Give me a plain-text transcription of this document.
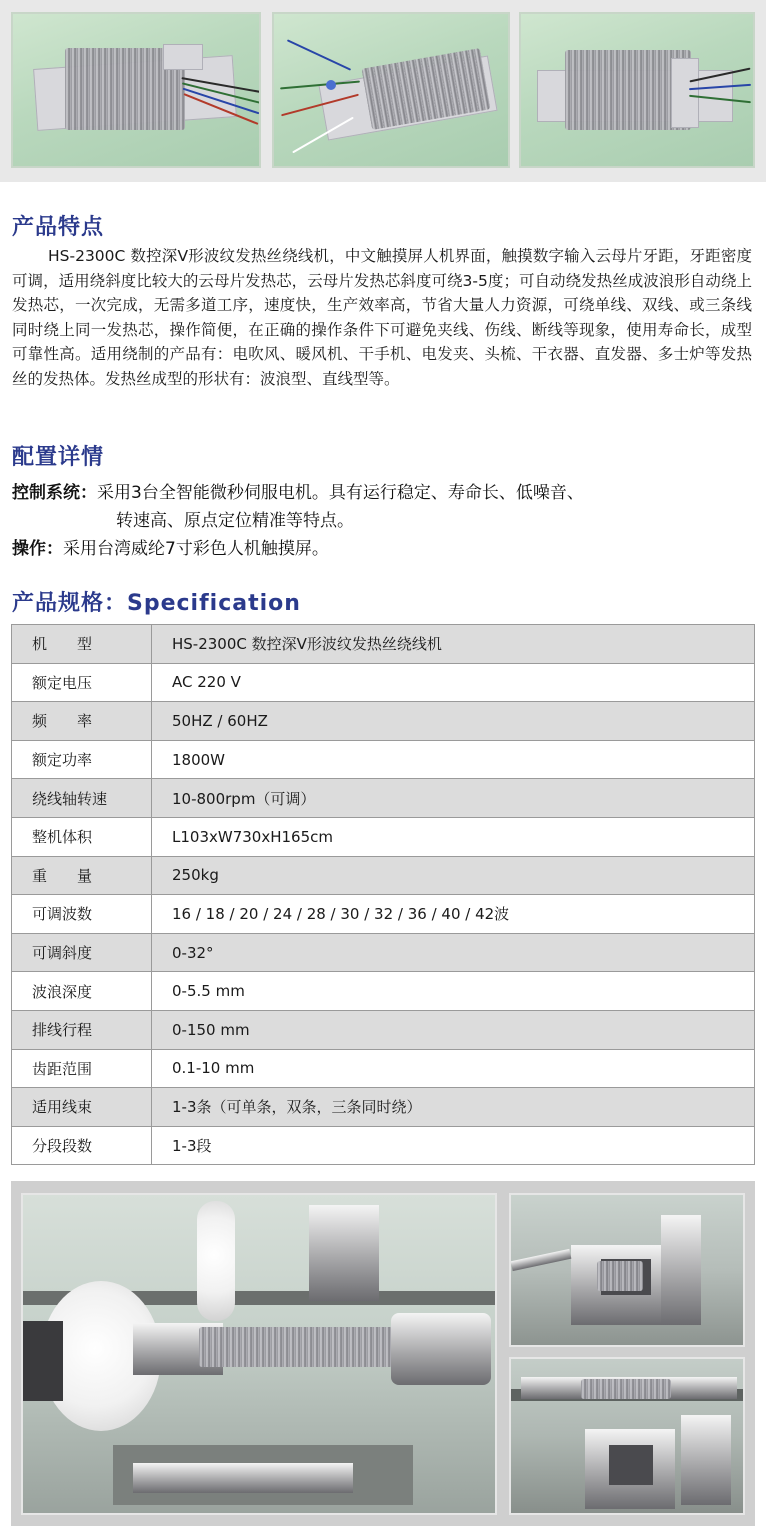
产品特点
HS-2300C 数控深V形波纹发热丝绕线机，中文触摸屏人机界面，触摸数字输入云母片牙距，牙距密度可调，适用绕斜度比较大的云母片发热芯，云母片发热芯斜度可绕3-5度；可自动绕发热丝成波浪形自动绕上发热芯，一次完成，无需多道工序，速度快，生产效率高，节省大量人力资源，可绕单线、双线、或三条线同时绕上同一发热芯，操作简便，在正确的操作条件下可避免夹线、伤线、断线等现象，使用寿命长，成型可靠性高。适用绕制的产品有：电吹风、暖风机、干手机、电发夹、头梳、干衣器、直发器、多士炉等发热丝的发热体。发热丝成型的形状有：波浪型、直线型等。
配置详情
控制系统：采用3台全智能微秒伺服电机。具有运行稳定、寿命长、低噪音、
转速高、原点定位精准等特点。
操作：采用台湾威纶7寸彩色人机触摸屏。
产品规格：Specification
机　　型	HS-2300C 数控深V形波纹发热丝绕线机
额定电压	AC 220 V
频　　率	50HZ / 60HZ
额定功率	1800W
绕线轴转速	10-800rpm（可调）
整机体积	L103xW730xH165cm
重　　量	250kg
可调波数	16 / 18 / 20 / 24 / 28 / 30 / 32 / 36 / 40 / 42波
可调斜度	0-32°
波浪深度	0-5.5 mm
排线行程	0-150 mm
齿距范围	0.1-10 mm
适用线束	1-3条（可单条，双条，三条同时绕）
分段段数	1-3段
